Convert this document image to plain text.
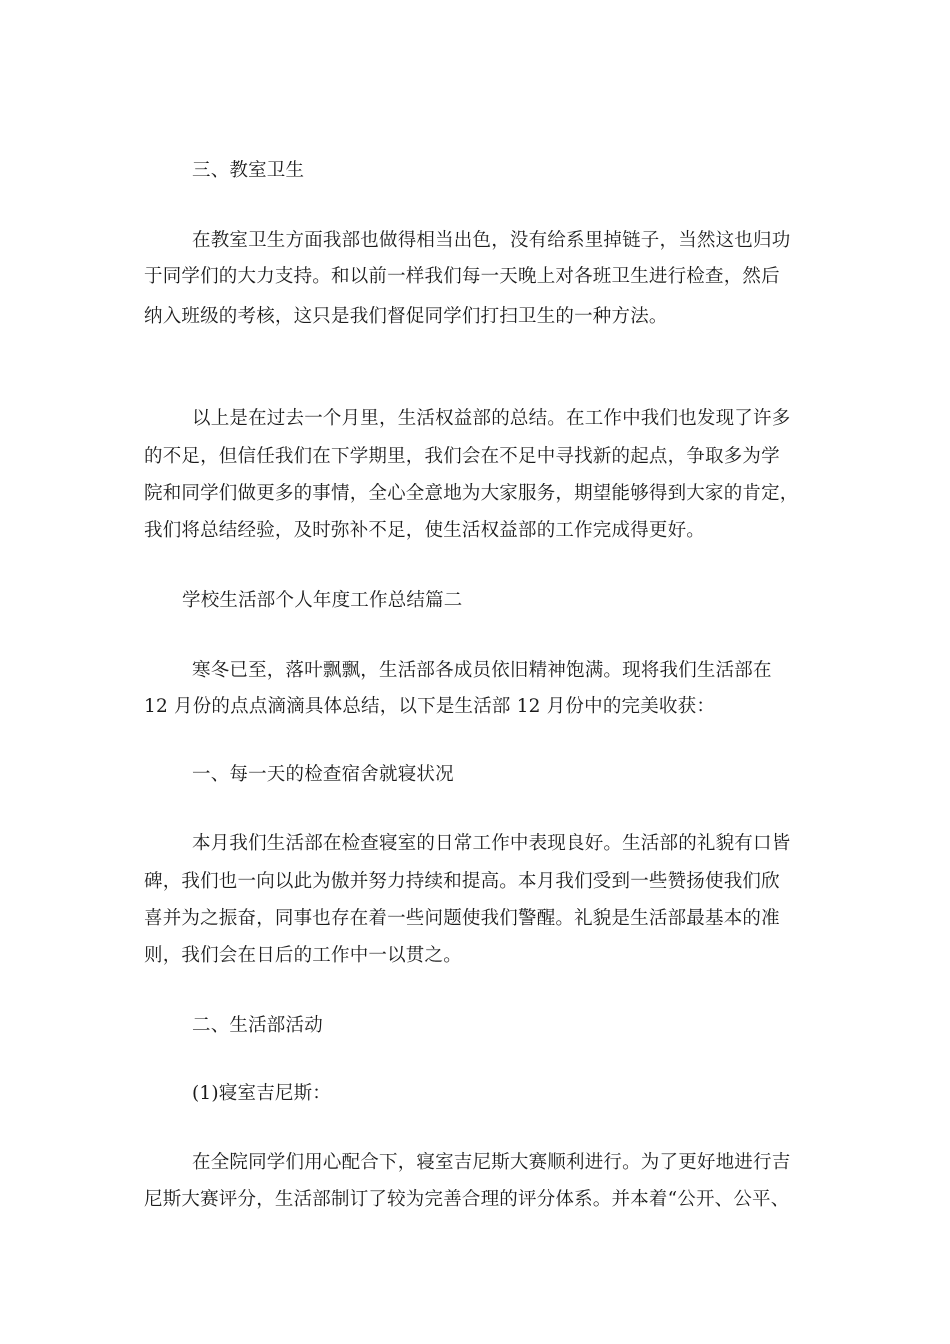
三、教室卫生
在教室卫生方面我部也做得相当出色，没有给系里掉链子，当然这也归功
于同学们的大力支持。和以前一样我们每一天晚上对各班卫生进行检查，然后
纳入班级的考核，这只是我们督促同学们打扫卫生的一种方法。
以上是在过去一个月里，生活权益部的总结。在工作中我们也发现了许多
的不足，但信任我们在下学期里，我们会在不足中寻找新的起点，争取多为学
院和同学们做更多的事情，全心全意地为大家服务，期望能够得到大家的肯定，
我们将总结经验，及时弥补不足，使生活权益部的工作完成得更好。
学校生活部个人年度工作总结篇二
寒冬已至，落叶飘飘，生活部各成员依旧精神饱满。现将我们生活部在
12 月份的点点滴滴具体总结，以下是生活部 12 月份中的完美收获：
一、每一天的检查宿舍就寝状况
本月我们生活部在检查寝室的日常工作中表现良好。生活部的礼貌有口皆
碑，我们也一向以此为傲并努力持续和提高。本月我们受到一些赞扬使我们欣
喜并为之振奋，同事也存在着一些问题使我们警醒。礼貌是生活部最基本的准
则，我们会在日后的工作中一以贯之。
二、生活部活动
(1)寝室吉尼斯：
在全院同学们用心配合下，寝室吉尼斯大赛顺利进行。为了更好地进行吉
尼斯大赛评分，生活部制订了较为完善合理的评分体系。并本着“公开、公平、
